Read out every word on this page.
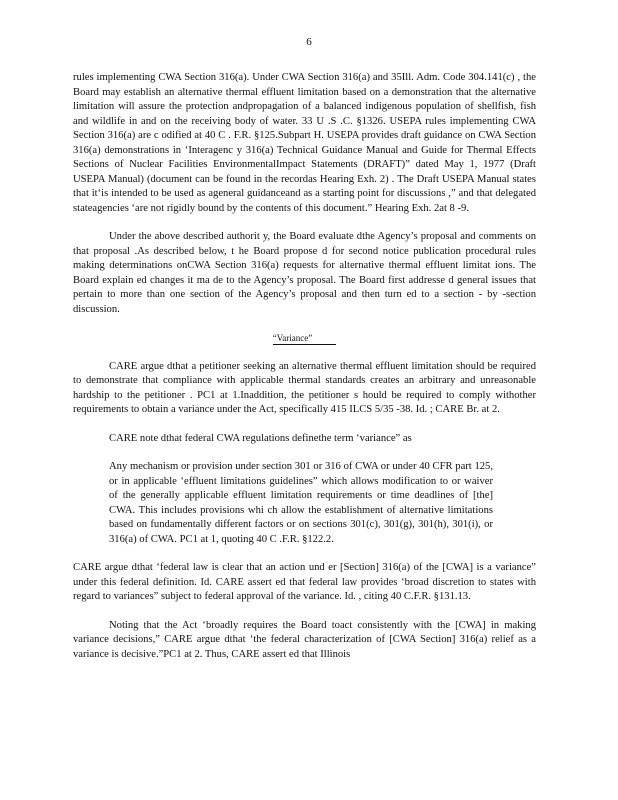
6

rules implementing CWA Section 316(a). Under CWA Section 316(a) and 35Ill. Adm. Code 304.141(c) , the Board may establish an alternative thermal effluent limitation based on a demonstration that the alternative limitation will assure the protection andpropagation of a balanced indigenous population of shellfish, fish and wildlife in and on the receiving body of water. 33 U .S .C. §1326. USEPA rules implementing CWA Section 316(a) are c odified at 40 C . F.R. §125.Subpart H. USEPA provides draft guidance on CWA Section 316(a) demonstrations in ‘Interagenc y 316(a) Technical Guidance Manual and Guide for Thermal Effects Sections of Nuclear Facilities EnvironmentalImpact Statements (DRAFT)” dated May 1, 1977 (Draft USEPA Manual) (document can be found in the recordas Hearing Exh. 2) . The Draft USEPA Manual states that it‘is intended to be used as ageneral guidanceand as a starting point for discussions ,” and that delegated stateagencies ‘are not rigidly bound by the contents of this document.” Hearing Exh. 2at 8 -9.

Under the above described authorit y, the Board evaluate dthe Agency’s proposal and comments on that proposal .As described below, t he Board propose d for second notice publication procedural rules making determinations onCWA Section 316(a) requests for alternative thermal effluent limitat ions. The Board explain ed changes it ma de to the Agency’s proposal. The Board first addresse d general issues that pertain to more than one section of the Agency’s proposal and then turn ed to a section - by -section discussion.

“Variance”

CARE argue dthat a petitioner seeking an alternative thermal effluent limitation should be required to demonstrate that compliance with applicable thermal standards creates an arbitrary and unreasonable hardship to the petitioner . PC1 at 1.Inaddition, the petitioner s hould be required to comply withother requirements to obtain a variance under the Act, specifically 415 ILCS 5/35 -38. Id. ; CARE Br. at 2.

CARE note dthat federal CWA regulations definethe term ‘variance” as

Any mechanism or provision under section 301 or 316 of CWA or under 40 CFR part 125, or in applicable ‘effluent limitations guidelines” which allows modification to or waiver of the generally applicable effluent limitation requirements or time deadlines of [the] CWA. This includes provisions whi ch allow the establishment of alternative limitations based on fundamentally different factors or on sections 301(c), 301(g), 301(h), 301(i), or 316(a) of CWA. PC1 at 1, quoting 40 C .F.R. §122.2.

CARE argue dthat ‘federal law is clear that an action und er [Section] 316(a) of the [CWA] is a variance” under this federal definition. Id. CARE assert ed that federal law provides ‘broad discretion to states with regard to variances” subject to federal approval of the variance. Id. , citing 40 C.F.R. §131.13.

Noting that the Act ‘broadly requires the Board toact consistently with the [CWA] in making variance decisions,” CARE argue dthat ‘the federal characterization of [CWA Section] 316(a) relief as a variance is decisive.”PC1 at 2. Thus, CARE assert ed that Illinois
